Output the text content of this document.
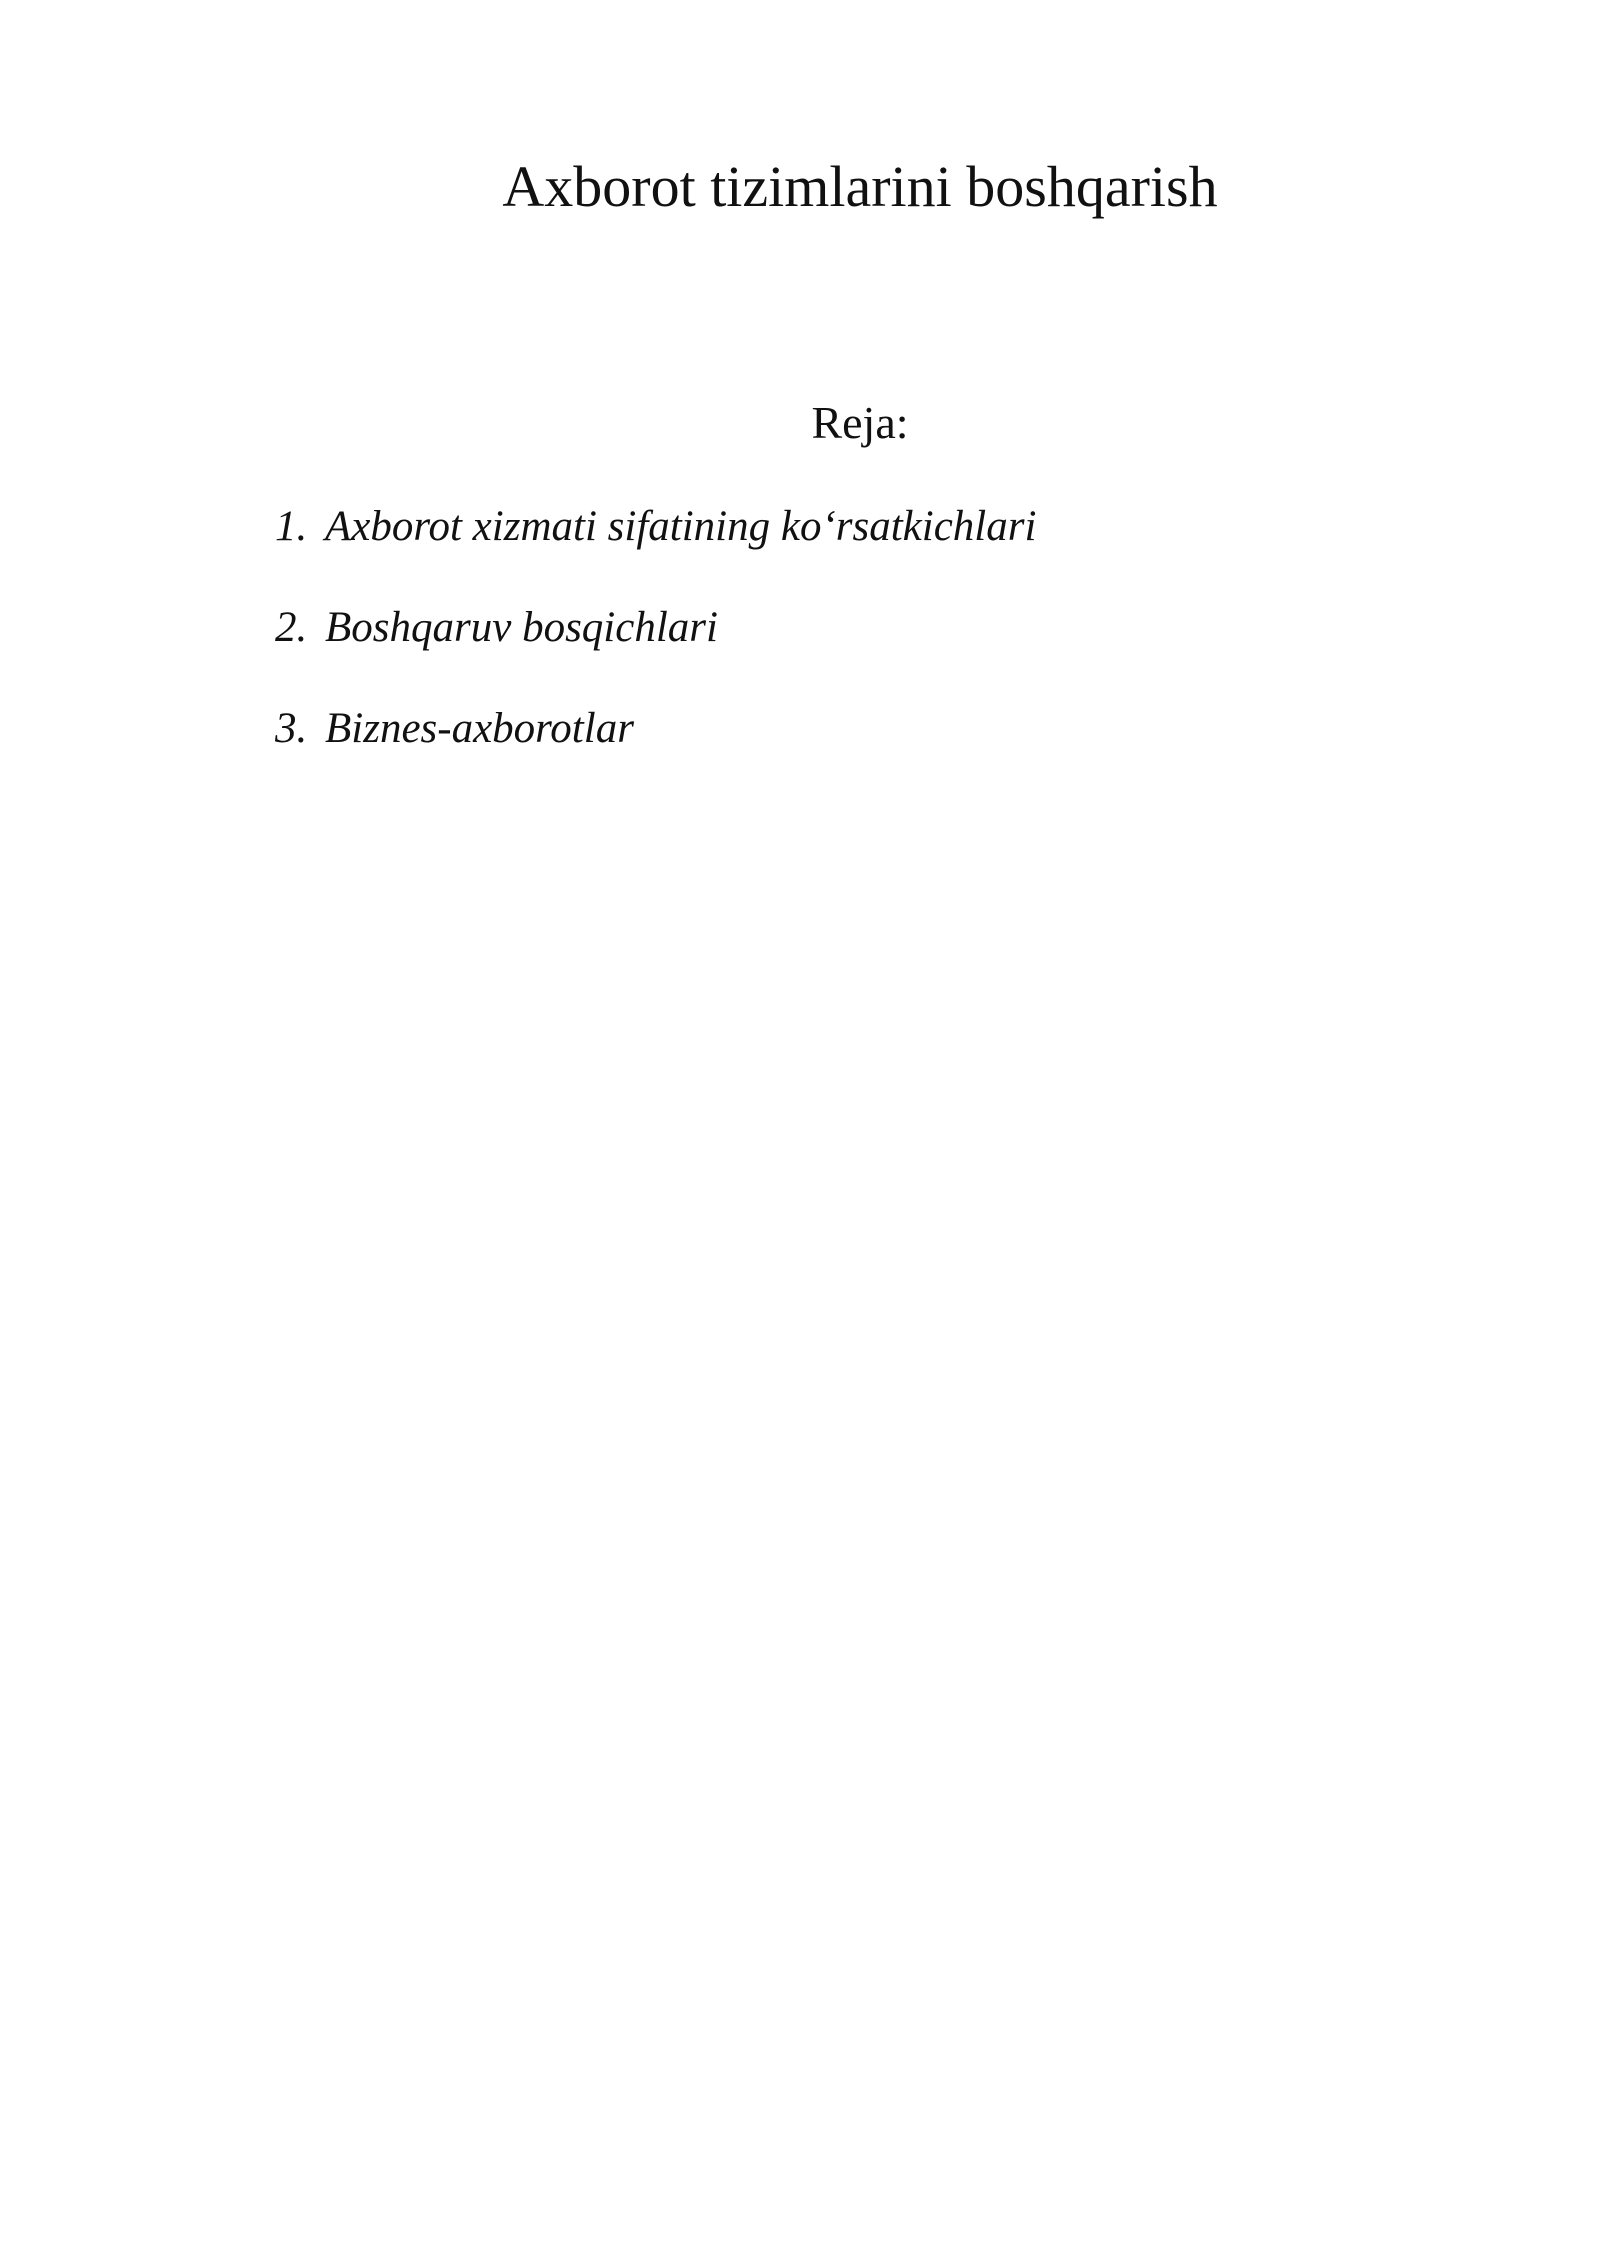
Axborot tizimlarini boshqarish

Reja:

1. Axborot xizmati sifatining ko‘rsatkichlari
2. Boshqaruv bosqichlari
3. Biznes-axborotlar
